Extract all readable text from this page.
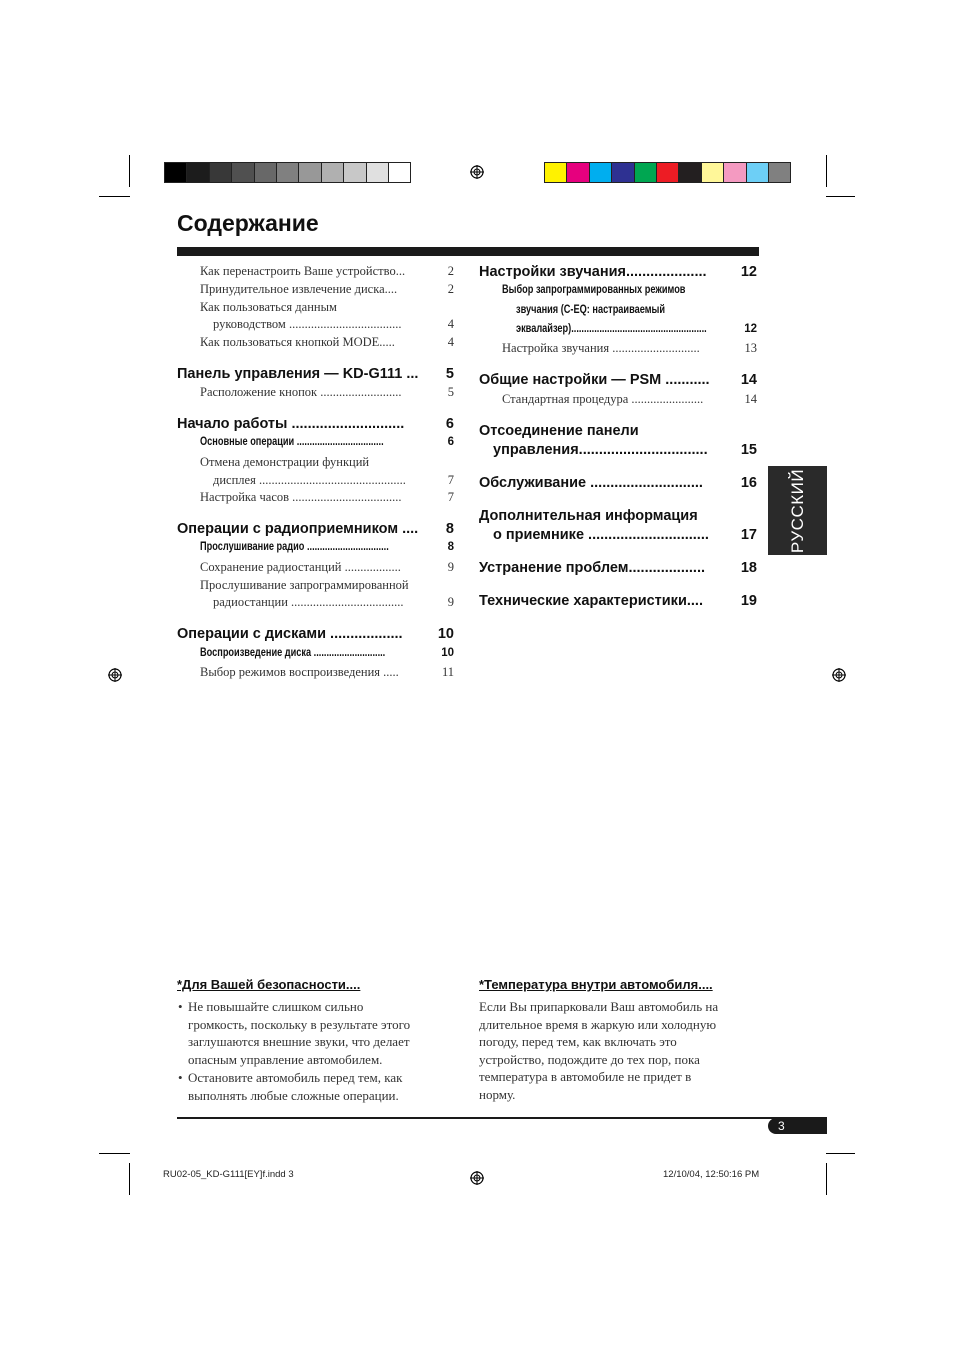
Содержание
Как перенастроить Ваше устройство...	2
Принудительное извлечение диска....	2
Как пользоваться данным
руководством ....................................	4
Как пользоваться кнопкой MODE.....	4
Панель управления — KD-G111 ...	5
Расположение кнопок ..........................	5
Начало работы ............................	6
Основные операции ..................................	6
Отмена демонстрации функций
дисплея ...............................................	7
Настройка часов ...................................	7
Операции с радиоприемником ....	8
Прослушивание радио ................................	8
Сохранение радиостанций ..................	9
Прослушивание запрограммированной
радиостанции ....................................	9
Операции с дисками ..................	10
Воспроизведение диска ............................	10
Выбор режимов воспроизведения .....	11
Настройки звучания....................	12
Выбор запрограммированных режимов
звучания (C-EQ: настраиваемый
эквалайзер).....................................................	12
Настройка звучания ............................	13
Общие настройки — PSM ...........	14
Стандартная процедура .......................	14
Отсоединение панели
управления................................	15
Обслуживание ............................	16
Дополнительная информация
о приемнике ..............................	17
Устранение проблем...................	18
Технические характеристики....	19
РУССКИЙ
*Для Вашей безопасности....
• Не повышайте слишком сильно
громкость, поскольку в результате этого
заглушаются внешние звуки, что делает
опасным управление автомобилем.
• Остановите автомобиль перед тем, как
выполнять любые сложные операции.
*Температура внутри автомобиля....
Если Вы припарковали Ваш автомобиль на
длительное время в жаркую или холодную
погоду, перед тем, как включать это
устройство, подождите до тех пор, пока
температура в автомобиле не придет в
норму.
3
RU02-05_KD-G111[EY]f.indd 3	12/10/04, 12:50:16 PM
